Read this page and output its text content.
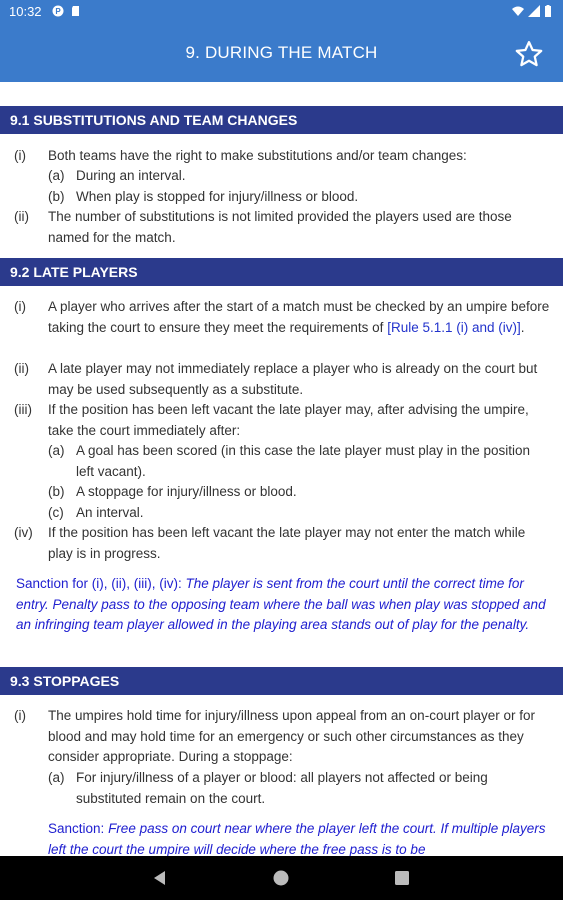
10:32 P
9. DURING THE MATCH
9.1 SUBSTITUTIONS AND TEAM CHANGES
(i) Both teams have the right to make substitutions and/or team changes:
(a) During an interval.
(b) When play is stopped for injury/illness or blood.
(ii) The number of substitutions is not limited provided the players used are those named for the match.
9.2 LATE PLAYERS
(i) A player who arrives after the start of a match must be checked by an umpire before taking the court to ensure they meet the requirements of [Rule 5.1.1 (i) and (iv)].
(ii) A late player may not immediately replace a player who is already on the court but may be used subsequently as a substitute.
(iii) If the position has been left vacant the late player may, after advising the umpire, take the court immediately after:
(a) A goal has been scored (in this case the late player must play in the position left vacant).
(b) A stoppage for injury/illness or blood.
(c) An interval.
(iv) If the position has been left vacant the late player may not enter the match while play is in progress.
Sanction for (i), (ii), (iii), (iv): The player is sent from the court until the correct time for entry. Penalty pass to the opposing team where the ball was when play was stopped and an infringing team player allowed in the playing area stands out of play for the penalty.
9.3 STOPPAGES
(i) The umpires hold time for injury/illness upon appeal from an on-court player or for blood and may hold time for an emergency or such other circumstances as they consider appropriate. During a stoppage:
(a) For injury/illness of a player or blood: all players not affected or being substituted remain on the court.
Sanction: Free pass on court near where the player left the court. If multiple players left the court the umpire will decide where the free pass is to be
